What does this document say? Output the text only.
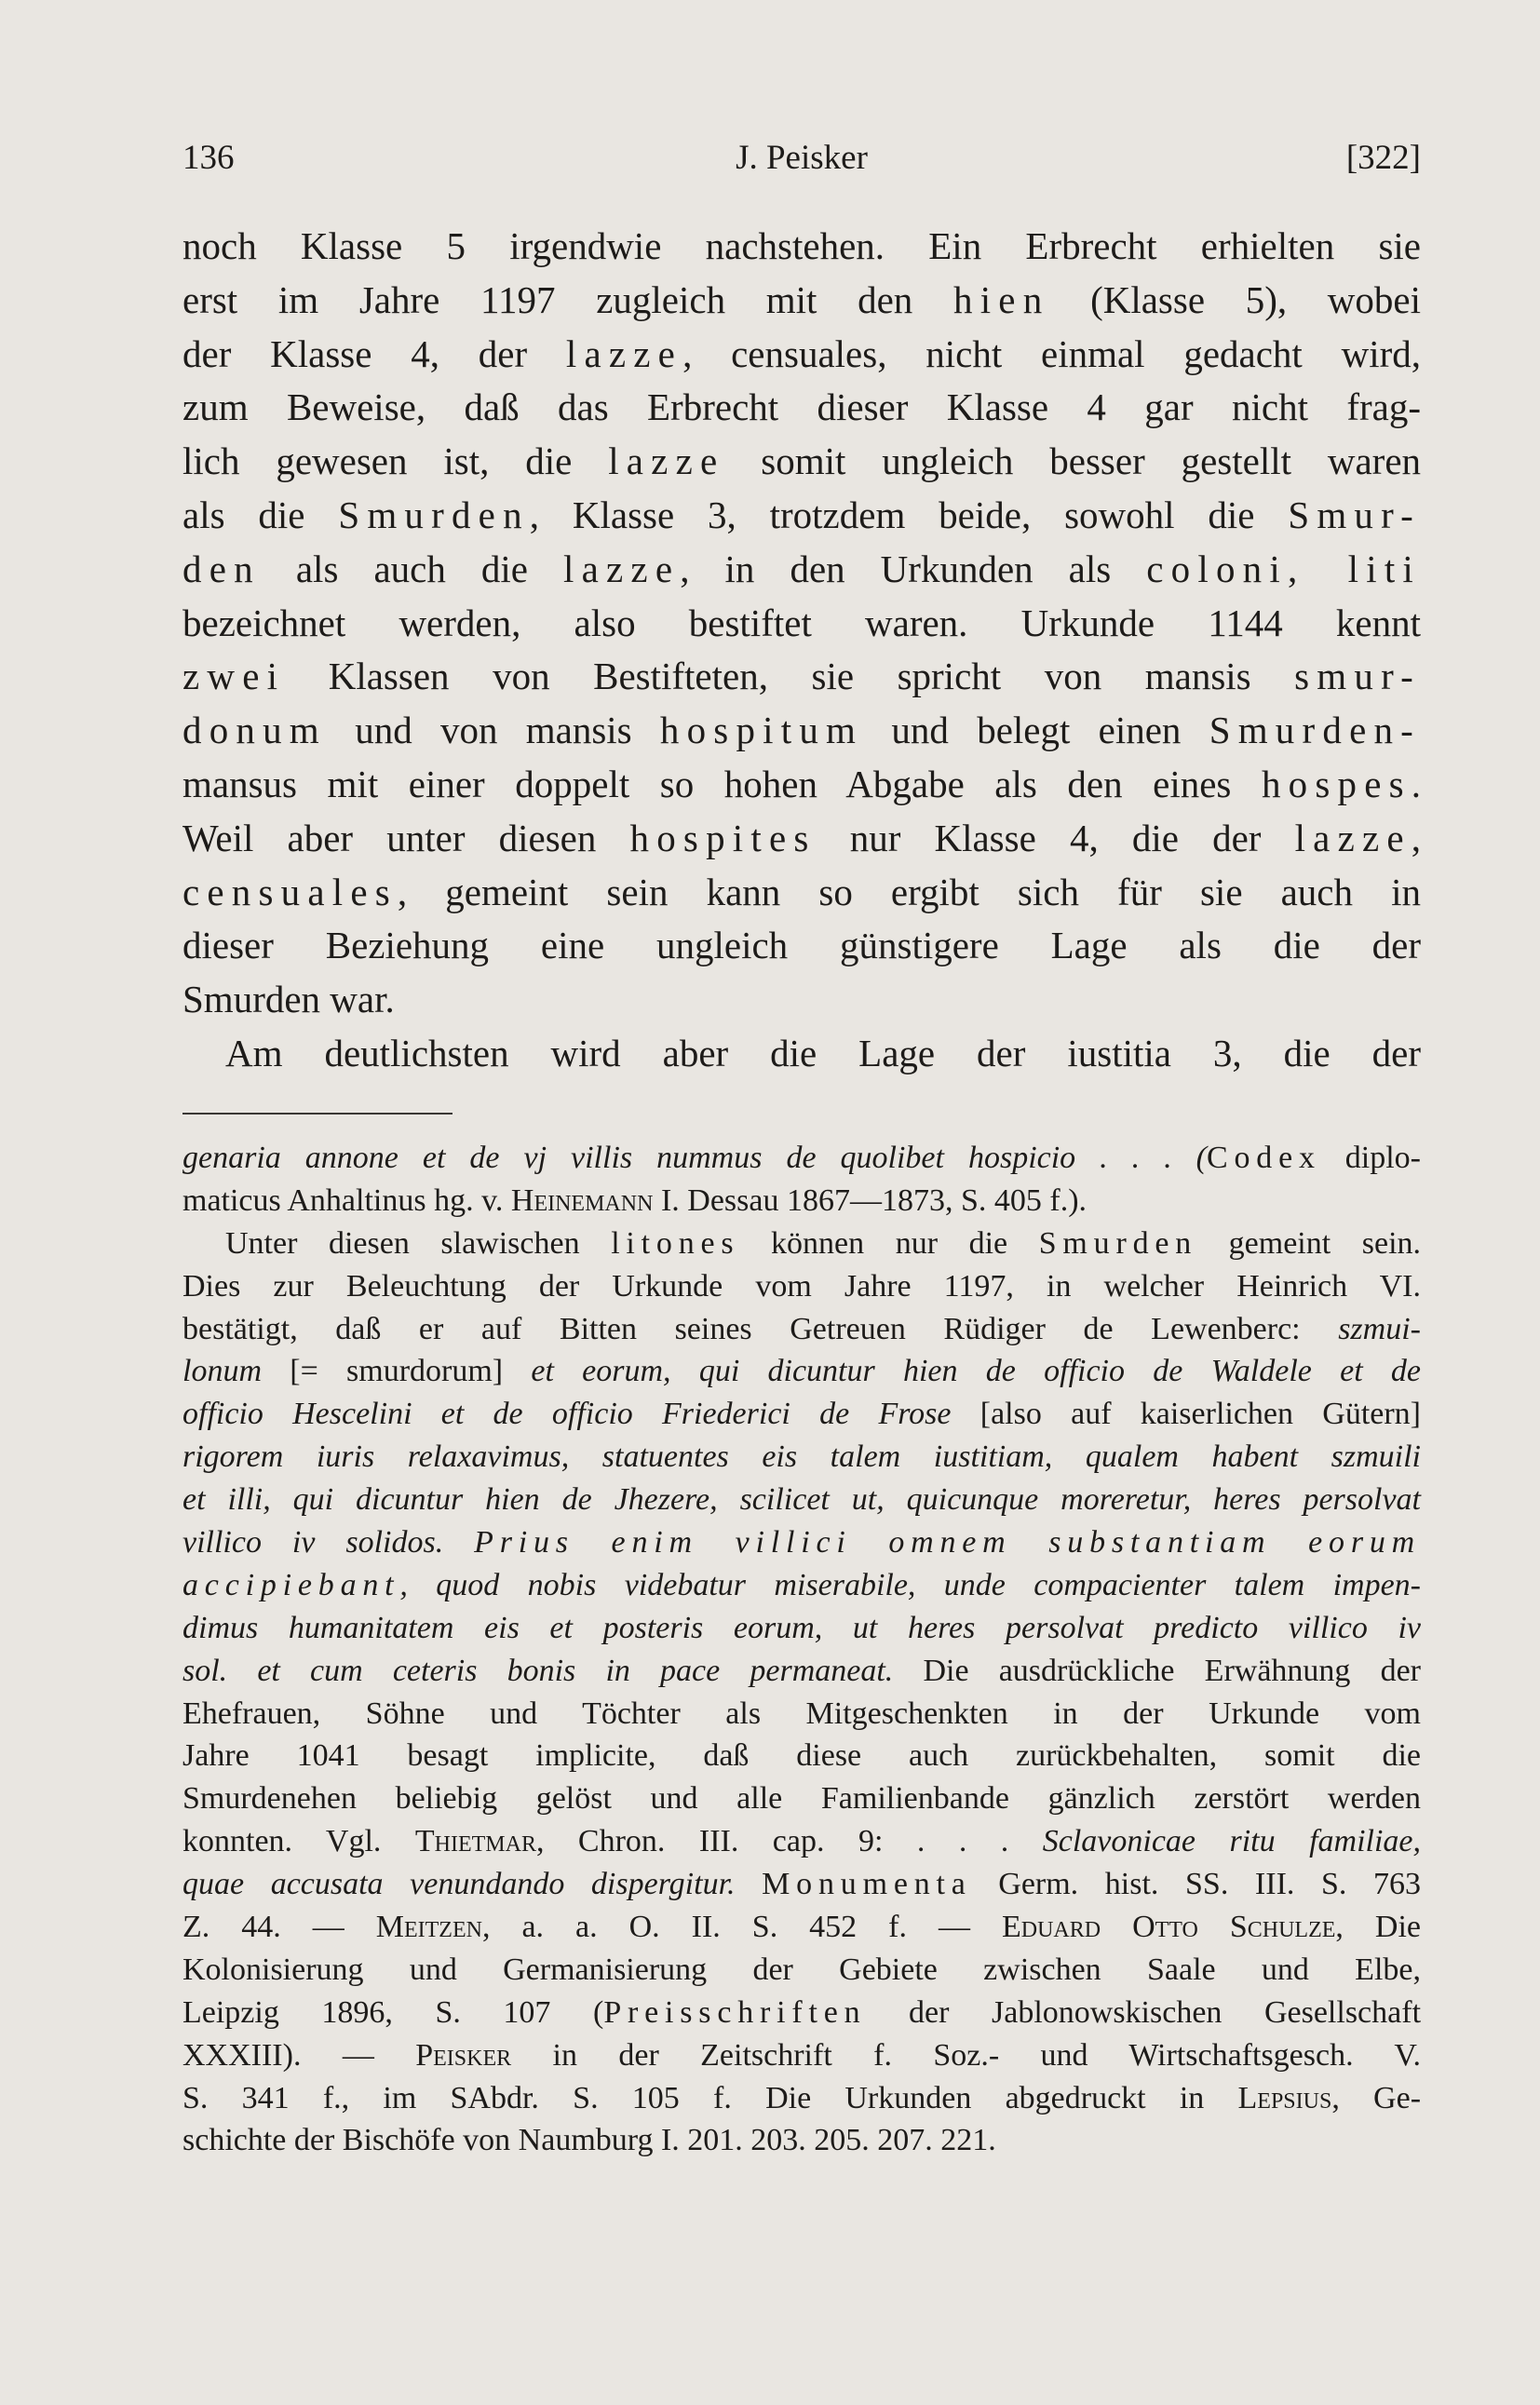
136	J. Peisker	[322]
noch Klasse 5 irgendwie nachstehen. Ein Erbrecht erhielten sie
erst im Jahre 1197 zugleich mit den hien (Klasse 5), wobei
der Klasse 4, der lazze, censuales, nicht einmal gedacht wird,
zum Beweise, daß das Erbrecht dieser Klasse 4 gar nicht frag-
lich gewesen ist, die lazze somit ungleich besser gestellt waren
als die Smurden, Klasse 3, trotzdem beide, sowohl die Smur-
den als auch die lazze, in den Urkunden als coloni, liti
bezeichnet werden, also bestiftet waren. Urkunde 1144 kennt
zwei Klassen von Bestifteten, sie spricht von mansis smur-
donum und von mansis hospitum und belegt einen Smurden-
mansus mit einer doppelt so hohen Abgabe als den eines hospes.
Weil aber unter diesen hospites nur Klasse 4, die der lazze,
censuales, gemeint sein kann so ergibt sich für sie auch in
dieser Beziehung eine ungleich günstigere Lage als die der
Smurden war.
Am deutlichsten wird aber die Lage der iustitia 3, die der
genaria annone et de vj villis nummus de quolibet hospicio . . . (Codex diplo-
maticus Anhaltinus hg. v. Heinemann I. Dessau 1867—1873, S. 405 f.).
Unter diesen slawischen litones können nur die Smurden gemeint sein.
Dies zur Beleuchtung der Urkunde vom Jahre 1197, in welcher Heinrich VI.
bestätigt, daß er auf Bitten seines Getreuen Rüdiger de Lewenberc: szmui-
lonum [= smurdorum] et eorum, qui dicuntur hien de officio de Waldele et de
officio Hescelini et de officio Friederici de Frose [also auf kaiserlichen Gütern]
rigorem iuris relaxavimus, statuentes eis talem iustitiam, qualem habent szmuili
et illi, qui dicuntur hien de Jhezere, scilicet ut, quicunque moreretur, heres persolvat
villico iv solidos. Prius enim villici omnem substantiam eorum
accipiebant, quod nobis videbatur miserabile, unde compacienter talem impen-
dimus humanitatem eis et posteris eorum, ut heres persolvat predicto villico iv
sol. et cum ceteris bonis in pace permaneat. Die ausdrückliche Erwähnung der
Ehefrauen, Söhne und Töchter als Mitgeschenkten in der Urkunde vom
Jahre 1041 besagt implicite, daß diese auch zurückbehalten, somit die
Smurdenehen beliebig gelöst und alle Familienbande gänzlich zerstört werden
konnten. Vgl. Thietmar, Chron. III. cap. 9: . . . Sclavonicae ritu familiae,
quae accusata venundando dispergitur. Monumenta Germ. hist. SS. III. S. 763
Z. 44. — Meitzen, a. a. O. II. S. 452 f. — Eduard Otto Schulze, Die
Kolonisierung und Germanisierung der Gebiete zwischen Saale und Elbe,
Leipzig 1896, S. 107 (Preisschriften der Jablonowskischen Gesellschaft
XXXIII). — Peisker in der Zeitschrift f. Soz.- und Wirtschaftsgesch. V.
S. 341 f., im SAbdr. S. 105 f. Die Urkunden abgedruckt in Lepsius, Ge-
schichte der Bischöfe von Naumburg I. 201. 203. 205. 207. 221.
